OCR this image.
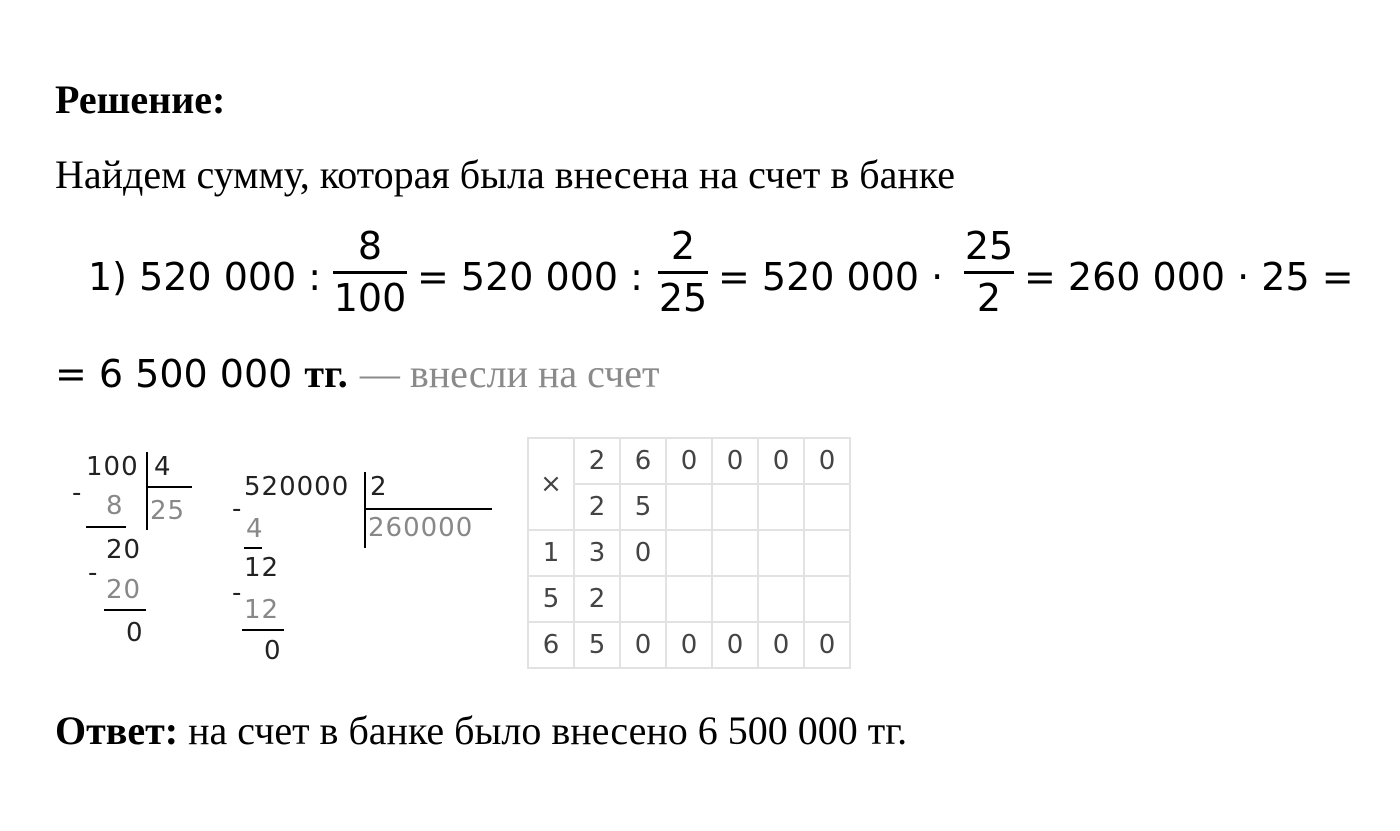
Решение:
Найдем сумму, которая была внесена на счет в банке
1) 520 000 :
8
100 = 520 000 :
2
25 = 520 000 ·
25
2 = 260 000 · 25 =
= 6 500 000 тг. — внесли на счет
-
100 4
25
8
20
-
20
0
-
520000 2
260000
4
12
-
12
0
×	2	6	0	0	0	0
	2	5				
1	3	0				
5	2					
6	5	0	0	0	0	0
Ответ: на счет в банке было внесено 6 500 000 тг.
